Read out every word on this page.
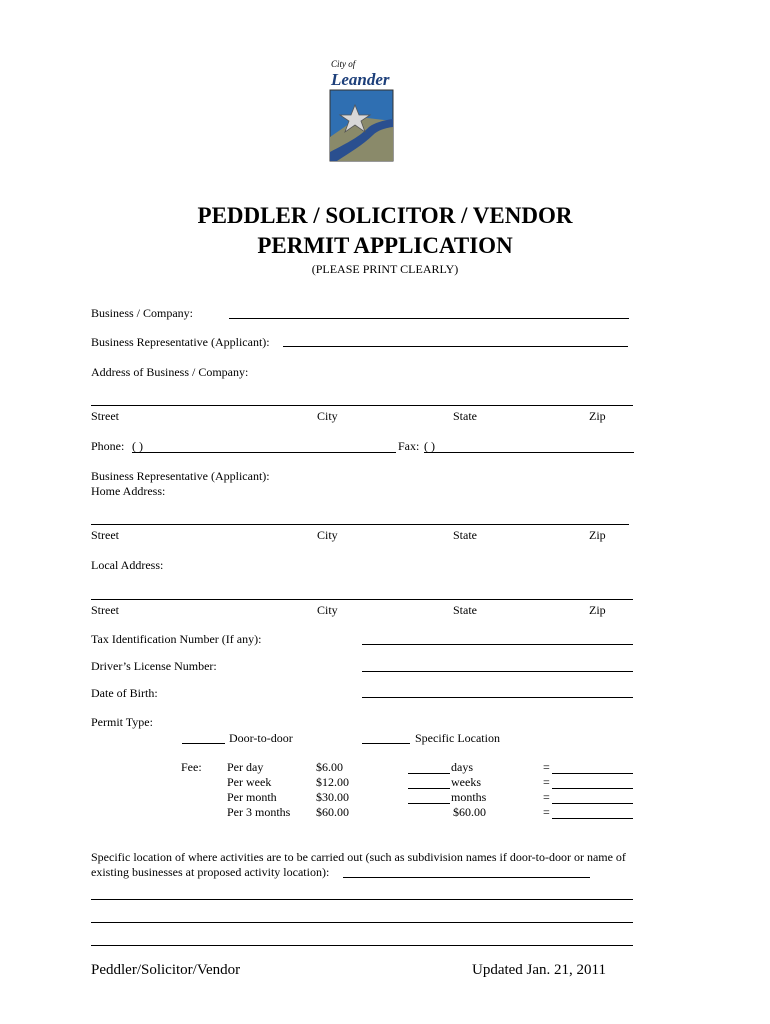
City of
Leander
PEDDLER / SOLICITOR / VENDOR
PERMIT APPLICATION
(PLEASE PRINT CLEARLY)
Business / Company:
Business Representative (Applicant):
Address of Business / Company:
Street	City	State	Zip
Phone: ( )	Fax: ( )
Business Representative (Applicant):
Home Address:
Street	City	State	Zip
Local Address:
Street	City	State	Zip
Tax Identification Number (If any):
Driver’s License Number:
Date of Birth:
Permit Type:
Door-to-door	Specific Location
Fee: Per day	$6.00	days	=
Per week	$12.00	weeks	=
Per month	$30.00	months	=
Per 3 months $60.00	$60.00	=
Specific location of where activities are to be carried out (such as subdivision names if door-to-door or name of
existing businesses at proposed activity location):
Peddler/Solicitor/Vendor	Updated Jan. 21, 2011
